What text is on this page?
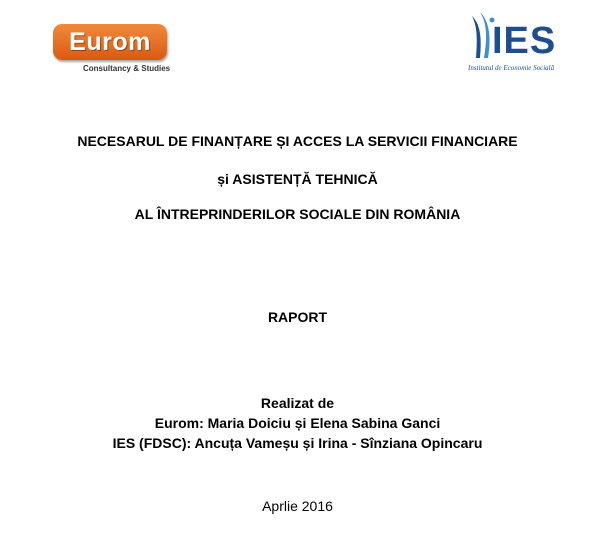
Eurom
Consultancy & Studies
IES
Institutul de Economie Socială
NECESARUL DE FINANȚARE ȘI ACCES LA SERVICII FINANCIARE
și ASISTENȚĂ TEHNICĂ
AL ÎNTREPRINDERILOR SOCIALE DIN ROMÂNIA
RAPORT
Realizat de
Eurom: Maria Doiciu și Elena Sabina Ganci
IES (FDSC): Ancuța Vameșu și Irina - Sînziana Opincaru
Aprlie 2016
